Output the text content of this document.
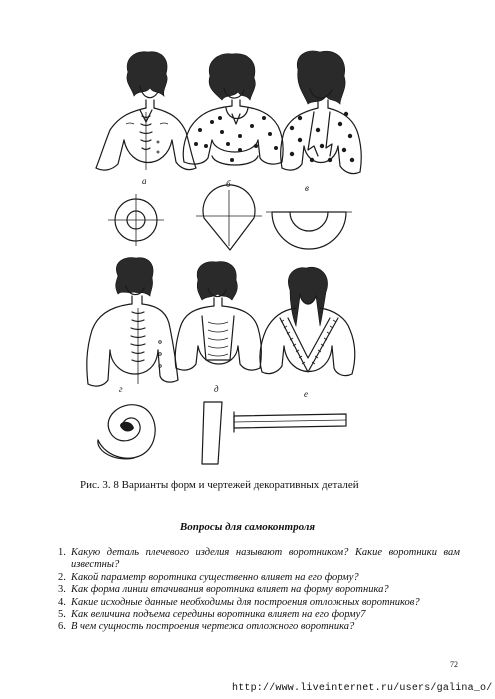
а	б	в
г	д	е
Рис. 3. 8 Варианты форм и чертежей декоративных деталей
Вопросы для самоконтроля
1. Какую деталь плечевого изделия называют воротником? Какие воротники вам известны?
2. Какой параметр воротника существенно влияет на его форму?
3. Как форма линии втачивания воротника влияет на форму воротника?
4. Какие исходные данные необходимы для построения отложных воротников?
5. Как величина подъема середины воротника влияет на его форму7
6. В чем сущность построения чертежа отложного воротника?
72
http://www.liveinternet.ru/users/galina_o/
